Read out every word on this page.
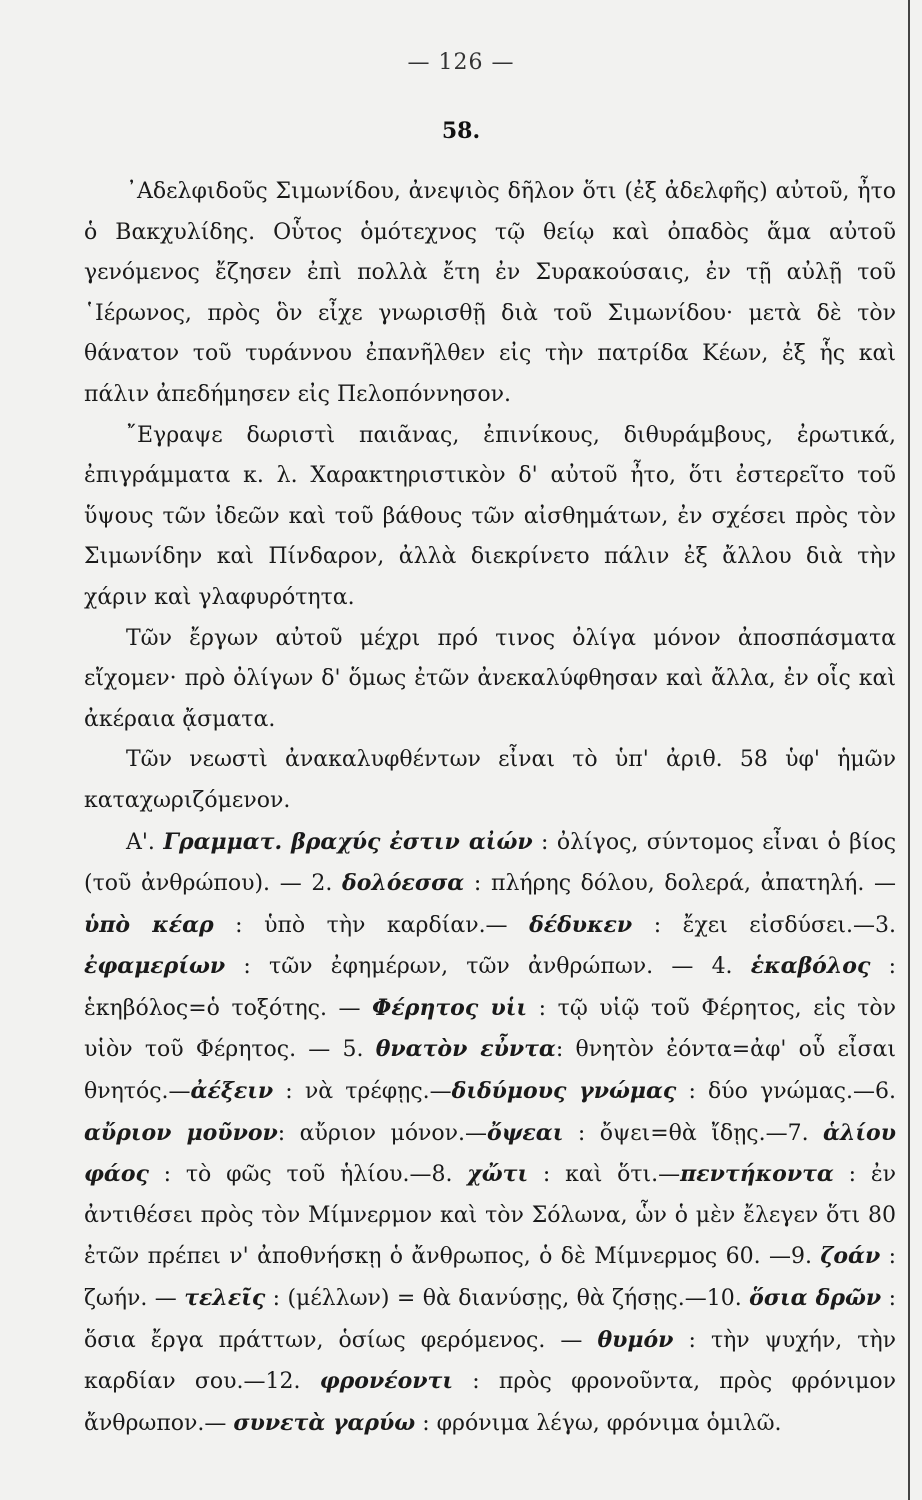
— 126 —
58.

᾿Αδελφιδοῦς Σιμωνίδου, ἀνεψιὸς δῆλον ὅτι (ἐξ ἀδελφῆς) αὐτοῦ, ἦτο ὁ Βακχυλίδης. Οὗτος ὁμότεχνος τῷ θείῳ καὶ ὀπαδὸς ἅμα αὐτοῦ γενόμενος ἔζησεν ἐπὶ πολλὰ ἔτη ἐν Συρακούσαις, ἐν τῇ αὐλῇ τοῦ ῾Ιέρωνος, πρὸς ὃν εἶχε γνωρισθῇ διὰ τοῦ Σιμωνίδου· μετὰ δὲ τὸν θάνατον τοῦ τυράννου ἐπανῆλθεν εἰς τὴν πατρίδα Κέων, ἐξ ἧς καὶ πάλιν ἀπεδήμησεν εἰς Πελοπόννησον.

῎Εγραψε δωριστὶ παιᾶνας, ἐπινίκους, διθυράμβους, ἐρωτικά, ἐπιγράμματα κ. λ. Χαρακτηριστικὸν δ' αὐτοῦ ἦτο, ὅτι ἐστερεῖτο τοῦ ὕψους τῶν ἰδεῶν καὶ τοῦ βάθους τῶν αἰσθημάτων, ἐν σχέσει πρὸς τὸν Σιμωνίδην καὶ Πίνδαρον, ἀλλὰ διεκρίνετο πάλιν ἐξ ἄλλου διὰ τὴν χάριν καὶ γλαφυρότητα.

Τῶν ἔργων αὐτοῦ μέχρι πρό τινος ὀλίγα μόνον ἀποσπάσματα εἴχομεν· πρὸ ὀλίγων δ' ὅμως ἐτῶν ἀνεκαλύφθησαν καὶ ἄλλα, ἐν οἷς καὶ ἀκέραια ᾄσματα.

Τῶν νεωστὶ ἀνακαλυφθέντων εἶναι τὸ ὑπ' ἀριθ. 58 ὑφ' ἡμῶν καταχωριζόμενον.

Α'. Γραμματ. βραχύς ἐστιν αἰών : ὀλίγος, σύντομος εἶναι ὁ βίος (τοῦ ἀνθρώπου). — 2. δολόεσσα : πλήρης δόλου, δολερά, ἀπατηλή. — ὑπὸ κέαρ : ὑπὸ τὴν καρδίαν.— δέδυκεν : ἔχει εἰσδύσει.—3. ἐφαμερίων : τῶν ἐφημέρων, τῶν ἀνθρώπων. — 4. ἑκαβόλος : ἑκηβόλος=ὁ τοξότης. — Φέρητος υἱι : τῷ υἱῷ τοῦ Φέρητος, εἰς τὸν υἱὸν τοῦ Φέρητος. — 5. θνατὸν εὖντα: θνητὸν ἐόντα=ἀφ' οὗ εἶσαι θνητός.—ἀέξειν : νὰ τρέφῃς.—διδύμους γνώμας : δύο γνώμας.—6. αὔριον μοῦνον: αὔριον μόνον.—ὄψεαι : ὄψει=θὰ ἴδῃς.—7. ἁλίου φάος : τὸ φῶς τοῦ ἡλίου.—8. χὤτι : καὶ ὅτι.—πεντήκοντα : ἐν ἀντιθέσει πρὸς τὸν Μίμνερμον καὶ τὸν Σόλωνα, ὧν ὁ μὲν ἔλεγεν ὅτι 80 ἐτῶν πρέπει ν' ἀποθνήσκῃ ὁ ἄνθρωπος, ὁ δὲ Μίμνερμος 60. —9. ζοάν : ζωήν. — τελεῖς : (μέλλων) = θὰ διανύσῃς, θὰ ζήσῃς.—10. ὅσια δρῶν : ὅσια ἔργα πράττων, ὁσίως φερόμενος. — θυμόν : τὴν ψυχήν, τὴν καρδίαν σου.—12. φρονέοντι : πρὸς φρονοῦντα, πρὸς φρόνιμον ἄνθρωπον.— συνετὰ γαρύω : φρόνιμα λέγω, φρόνιμα ὁμιλῶ.
